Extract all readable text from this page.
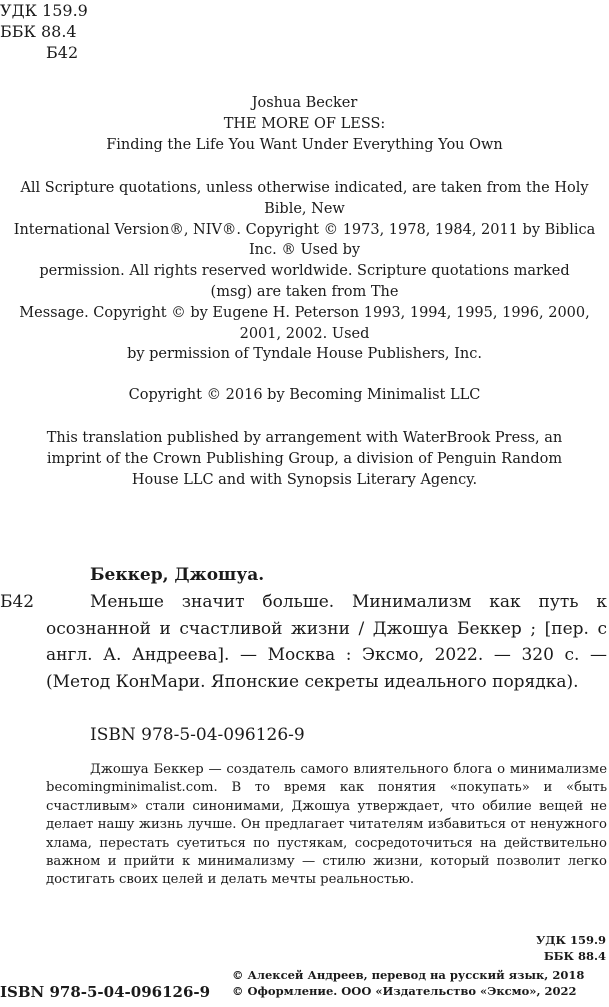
УДК 159.9
ББК 88.4
Б42
Joshua Becker
THE MORE OF LESS:
Finding the Life You Want Under Everything You Own
All Scripture quotations, unless otherwise indicated, are taken from the Holy
Bible, New
International Version®, NIV®. Copyright © 1973, 1978, 1984, 2011 by Biblica
Inc. ® Used by
permission. All rights reserved worldwide. Scripture quotations marked
(msg) are taken from The
Message. Copyright © by Eugene H. Peterson 1993, 1994, 1995, 1996, 2000,
2001, 2002. Used
by permission of Tyndale House Publishers, Inc.
Copyright © 2016 by Becoming Minimalist LLC
This translation published by arrangement with WaterBrook Press, an
imprint of the Crown Publishing Group, a division of Penguin Random
House LLC and with Synopsis Literary Agency.
Беккер, Джошуа.
Б42	Меньше значит больше. Минимализм как путь к осознанной и счастливой жизни / Джошуа Беккер ; [пер. с англ. А. Андреева]. — Москва : Эксмо, 2022. — 320 с. — (Метод КонМари. Японские секреты идеального порядка).
ISBN 978-5-04-096126-9
Джошуа Беккер — создатель самого влиятельного блога о минимализме becomingminimalist.com. В то время как понятия «покупать» и «быть счастливым» стали синонимами, Джошуа утверждает, что обилие вещей не делает нашу жизнь лучше. Он предлагает читателям избавиться от ненужного хлама, перестать суетиться по пустякам, сосредоточиться на действительно важном и прийти к минимализму — стилю жизни, который позволит легко достигать своих целей и делать мечты реальностью.
УДК 159.9
ББК 88.4
ISBN 978-5-04-096126-9
© Алексей Андреев, перевод на русский язык, 2018
© Оформление. ООО «Издательство «Эксмо», 2022
